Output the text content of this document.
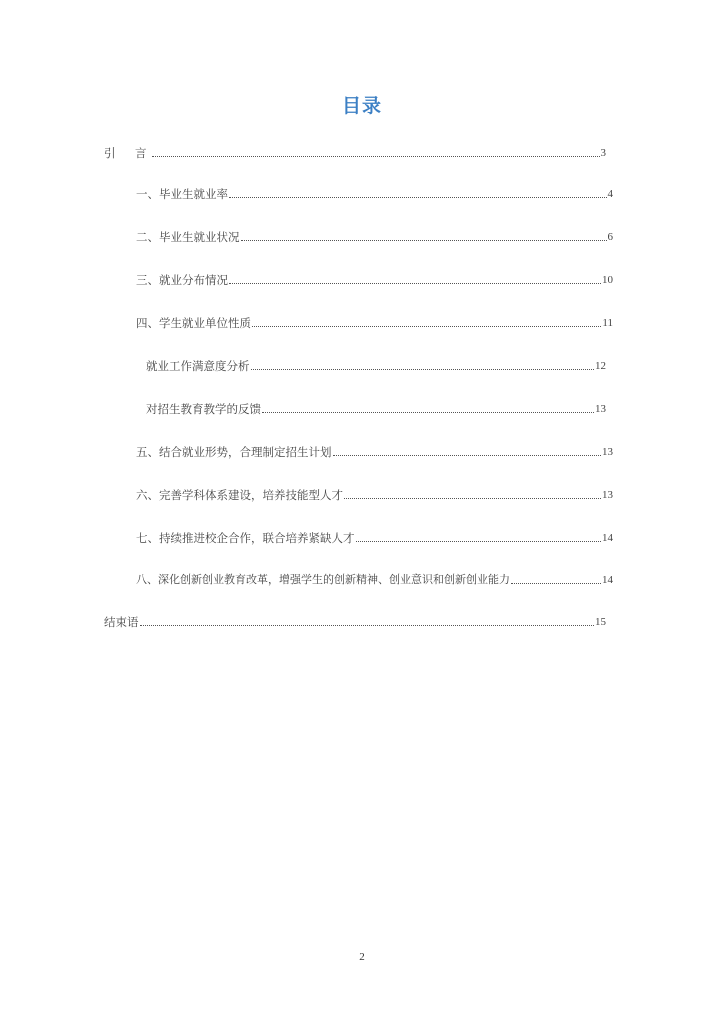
目录
引　言	3
一、毕业生就业率	4
二、毕业生就业状况	6
三、就业分布情况	10
四、学生就业单位性质	11
就业工作满意度分析	12
对招生教育教学的反馈	13
五、结合就业形势，合理制定招生计划	13
六、完善学科体系建设，培养技能型人才	13
七、持续推进校企合作，联合培养紧缺人才	14
八、深化创新创业教育改革，增强学生的创新精神、创业意识和创新创业能力	14
结束语	15
2
